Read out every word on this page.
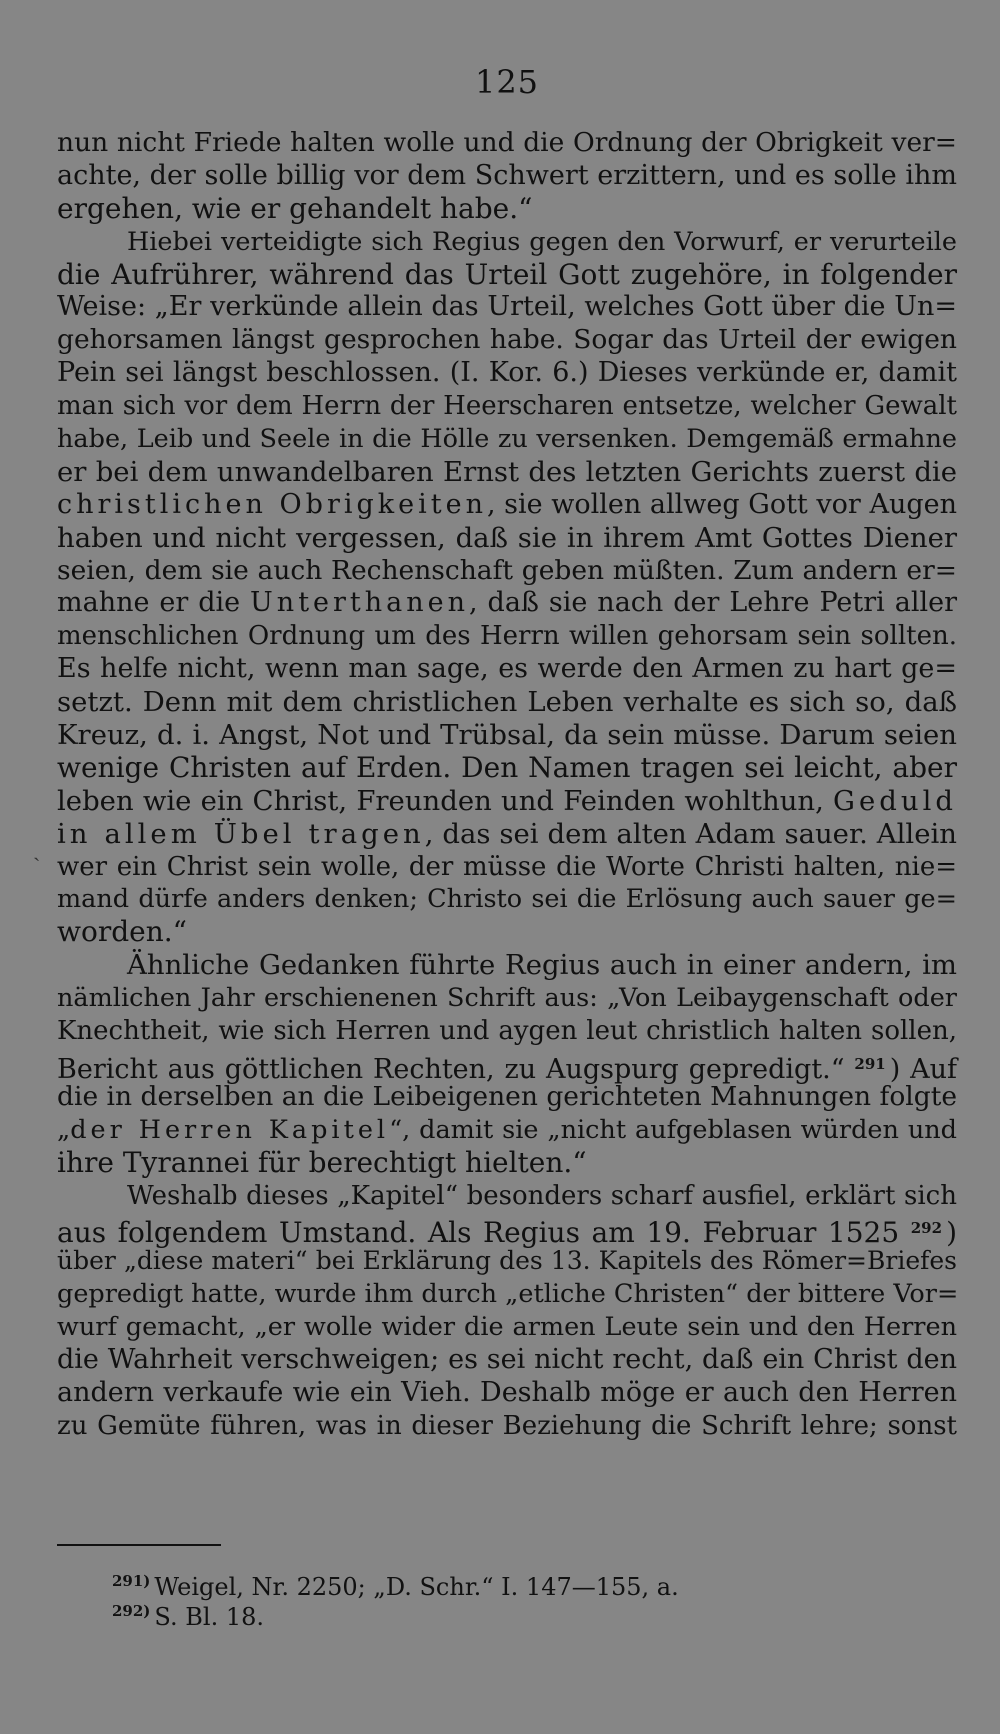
125
ˎ
nun nicht Friede halten wolle und die Ordnung der Obrigkeit ver=
achte, der solle billig vor dem Schwert erzittern, und es solle ihm
ergehen, wie er gehandelt habe.“
Hiebei verteidigte sich Regius gegen den Vorwurf, er verurteile
die Aufrührer, während das Urteil Gott zugehöre, in folgender
Weise: „Er verkünde allein das Urteil, welches Gott über die Un=
gehorsamen längst gesprochen habe. Sogar das Urteil der ewigen
Pein sei längst beschlossen. (I. Kor. 6.) Dieses verkünde er, damit
man sich vor dem Herrn der Heerscharen entsetze, welcher Gewalt
habe, Leib und Seele in die Hölle zu versenken. Demgemäß ermahne
er bei dem unwandelbaren Ernst des letzten Gerichts zuerst die
christlichen Obrigkeiten, sie wollen allweg Gott vor Augen
haben und nicht vergessen, daß sie in ihrem Amt Gottes Diener
seien, dem sie auch Rechenschaft geben müßten. Zum andern er=
mahne er die Unterthanen, daß sie nach der Lehre Petri aller
menschlichen Ordnung um des Herrn willen gehorsam sein sollten.
Es helfe nicht, wenn man sage, es werde den Armen zu hart ge=
setzt. Denn mit dem christlichen Leben verhalte es sich so, daß
Kreuz, d. i. Angst, Not und Trübsal, da sein müsse. Darum seien
wenige Christen auf Erden. Den Namen tragen sei leicht, aber
leben wie ein Christ, Freunden und Feinden wohlthun, Geduld
in allem Übel tragen, das sei dem alten Adam sauer. Allein
wer ein Christ sein wolle, der müsse die Worte Christi halten, nie=
mand dürfe anders denken; Christo sei die Erlösung auch sauer ge=
worden.“
Ähnliche Gedanken führte Regius auch in einer andern, im
nämlichen Jahr erschienenen Schrift aus: „Von Leibaygenschaft oder
Knechtheit, wie sich Herren und aygen leut christlich halten sollen,
Bericht aus göttlichen Rechten, zu Augspurg gepredigt.“ $^{291}$ ) Auf
die in derselben an die Leibeigenen gerichteten Mahnungen folgte
„der Herren Kapitel“, damit sie „nicht aufgeblasen würden und
ihre Tyrannei für berechtigt hielten.“
Weshalb dieses „Kapitel“ besonders scharf ausfiel, erklärt sich
aus folgendem Umstand. Als Regius am 19. Februar 1525 $^{292}$ )
über „diese materi“ bei Erklärung des 13. Kapitels des Römer=Briefes
gepredigt hatte, wurde ihm durch „etliche Christen“ der bittere Vor=
wurf gemacht, „er wolle wider die armen Leute sein und den Herren
die Wahrheit verschweigen; es sei nicht recht, daß ein Christ den
andern verkaufe wie ein Vieh. Deshalb möge er auch den Herren
zu Gemüte führen, was in dieser Beziehung die Schrift lehre; sonst
$^{291)}$ Weigel, Nr. 2250; „D. Schr.“ I. 147—155, a.
$^{292)}$ S. Bl. 18.
